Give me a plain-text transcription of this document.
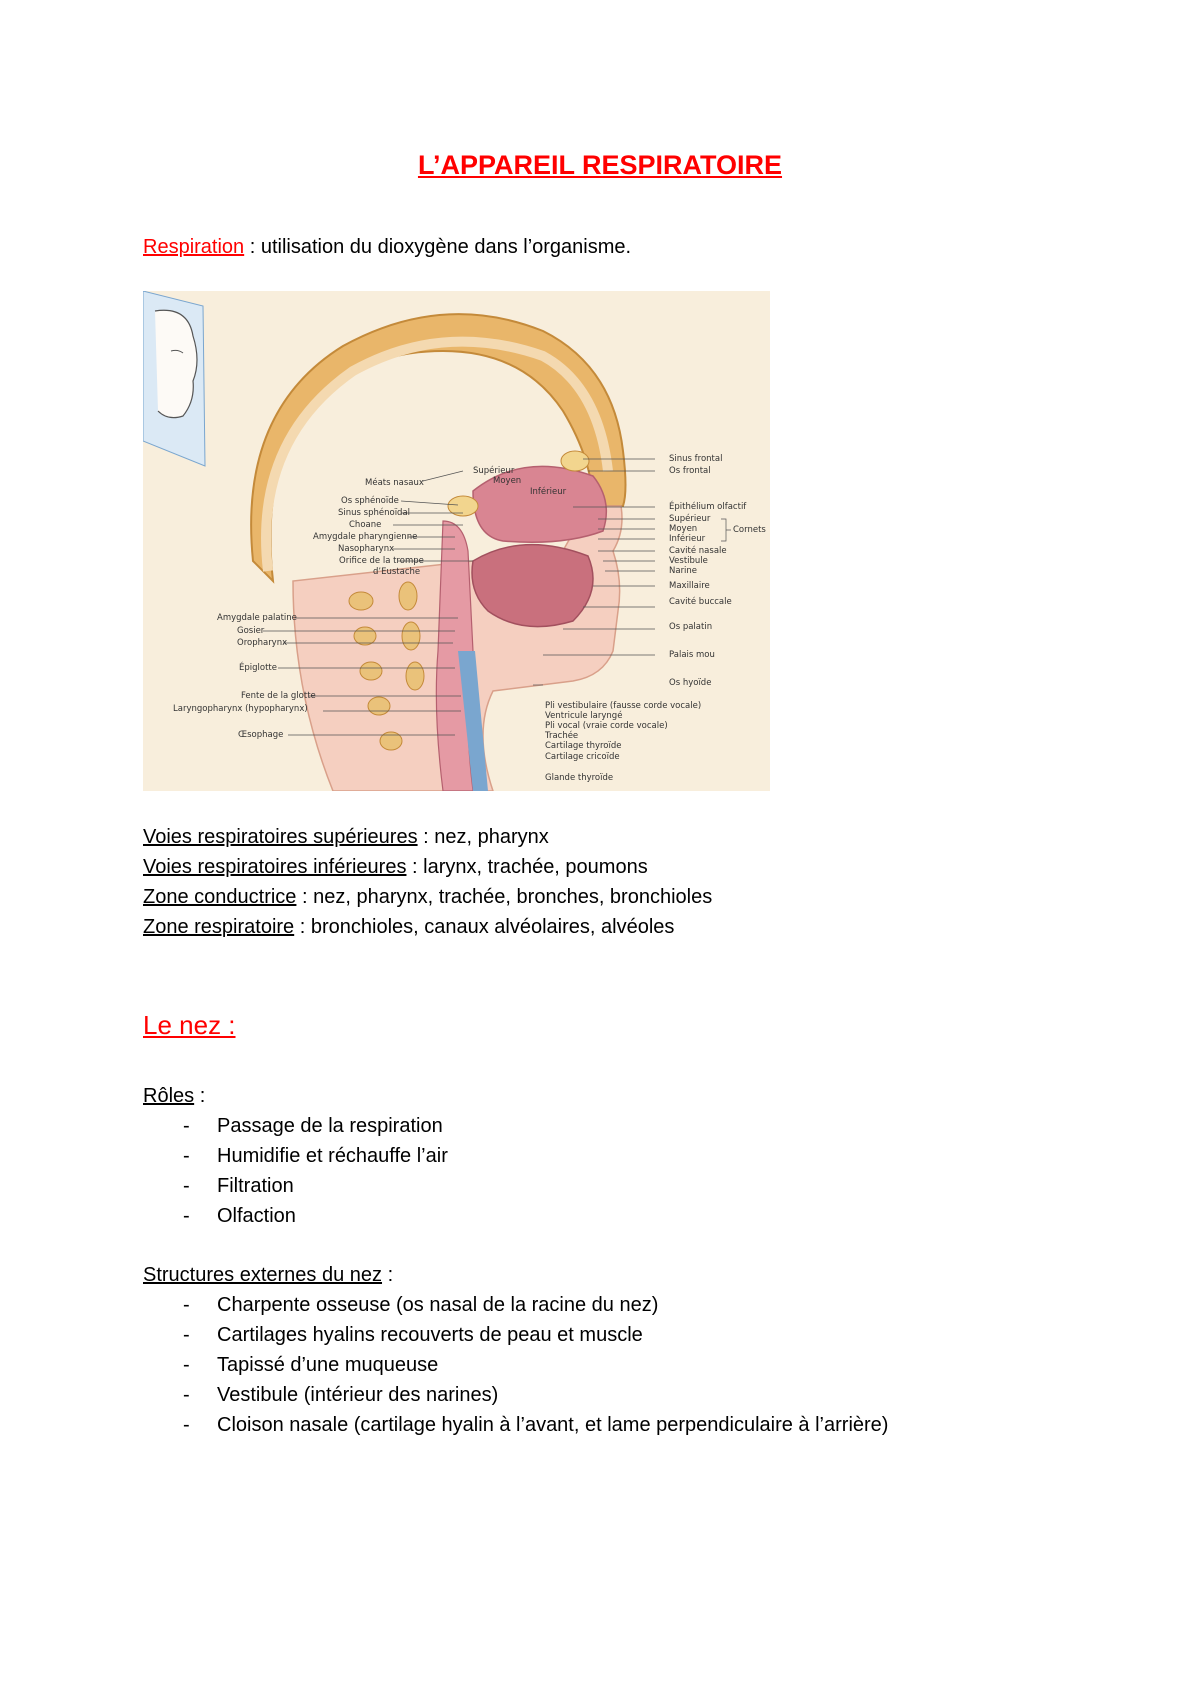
L’APPAREIL RESPIRATOIRE
Respiration : utilisation du dioxygène dans l’organisme.
Méats nasaux
Os sphénoïde
Sinus sphénoïdal
Choane
Amygdale pharyngienne
Nasopharynx
Orifice de la trompe
d’Eustache
Amygdale palatine
Gosier
Oropharynx
Épiglotte
Fente de la glotte
Laryngopharynx (hypopharynx)
Œsophage
Supérieur
Moyen
Inférieur
Sinus frontal
Os frontal
Épithélium olfactif
Supérieur
Moyen
Inférieur
Cavité nasale
Vestibule
Narine
Maxillaire
Cavité buccale
Os palatin
Palais mou
Os hyoïde
Pli vestibulaire (fausse corde vocale)
Ventricule laryngé
Pli vocal (vraie corde vocale)
Trachée
Cartilage thyroïde
Cartilage cricoïde
Glande thyroïde
Cornets
Voies respiratoires supérieures : nez, pharynx
Voies respiratoires inférieures : larynx, trachée, poumons
Zone conductrice : nez, pharynx, trachée, bronches, bronchioles
Zone respiratoire : bronchioles, canaux alvéolaires, alvéoles
Le nez :
Rôles :
- Passage de la respiration
- Humidifie et réchauffe l’air
- Filtration
- Olfaction
Structures externes du nez :
- Charpente osseuse (os nasal de la racine du nez)
- Cartilages hyalins recouverts de peau et muscle
- Tapissé d’une muqueuse
- Vestibule (intérieur des narines)
- Cloison nasale (cartilage hyalin à l’avant, et lame perpendiculaire à l’arrière)
